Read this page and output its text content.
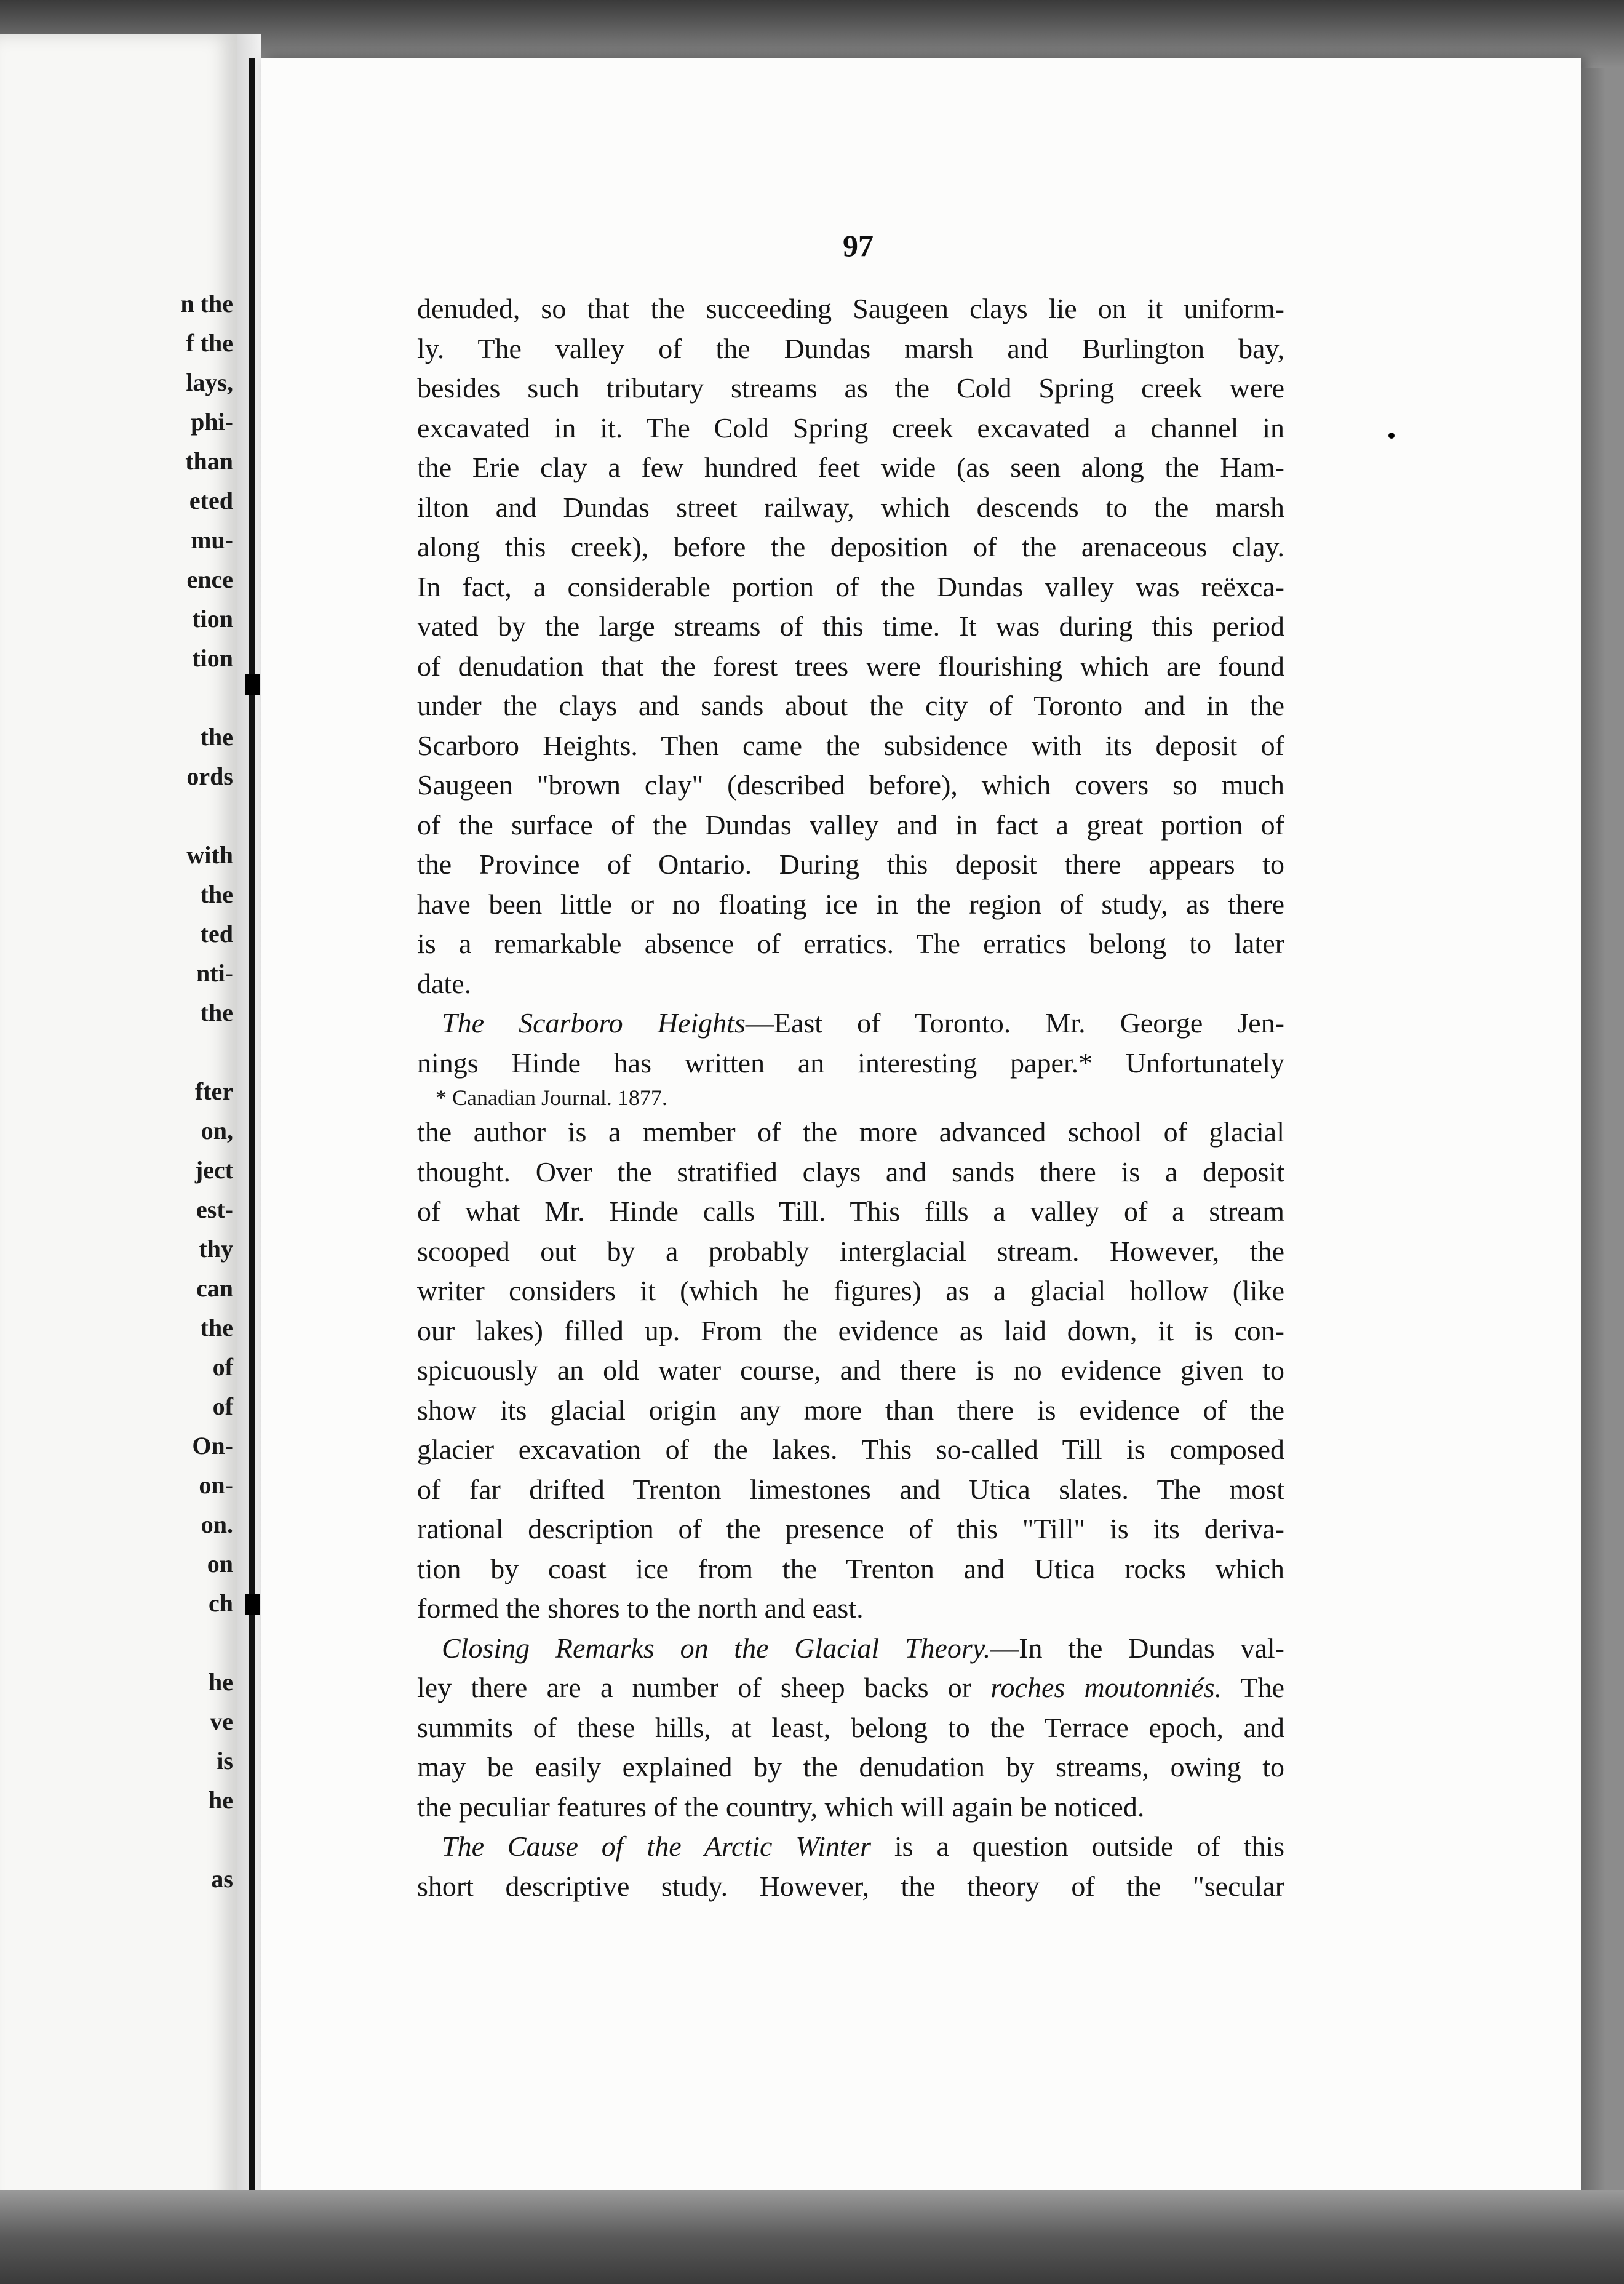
n the
f the
lays,
phi-
than
eted
mu-
ence
tion
tion
the
ords
with
the
ted
nti-
the
fter
on,
ject
est-
thy
can
the
of
of
On-
on-
on.
on
ch
he
ve
is
he
as
97
denuded, so that the succeeding Saugeen clays lie on it uniform-
ly. The valley of the Dundas marsh and Burlington bay,
besides such tributary streams as the Cold Spring creek were
excavated in it. The Cold Spring creek excavated a channel in
the Erie clay a few hundred feet wide (as seen along the Ham-
ilton and Dundas street railway, which descends to the marsh
along this creek), before the deposition of the arenaceous clay.
In fact, a considerable portion of the Dundas valley was reëxca-
vated by the large streams of this time. It was during this period
of denudation that the forest trees were flourishing which are found
under the clays and sands about the city of Toronto and in the
Scarboro Heights. Then came the subsidence with its deposit of
Saugeen "brown clay" (described before), which covers so much
of the surface of the Dundas valley and in fact a great portion of
the Province of Ontario. During this deposit there appears to
have been little or no floating ice in the region of study, as there
is a remarkable absence of erratics. The erratics belong to later
date.
The Scarboro Heights—East of Toronto. Mr. George Jen-
nings Hinde has written an interesting paper.* Unfortunately
* Canadian Journal. 1877.
the author is a member of the more advanced school of glacial
thought. Over the stratified clays and sands there is a deposit
of what Mr. Hinde calls Till. This fills a valley of a stream
scooped out by a probably interglacial stream. However, the
writer considers it (which he figures) as a glacial hollow (like
our lakes) filled up. From the evidence as laid down, it is con-
spicuously an old water course, and there is no evidence given to
show its glacial origin any more than there is evidence of the
glacier excavation of the lakes. This so-called Till is composed
of far drifted Trenton limestones and Utica slates. The most
rational description of the presence of this "Till" is its deriva-
tion by coast ice from the Trenton and Utica rocks which
formed the shores to the north and east.
Closing Remarks on the Glacial Theory.—In the Dundas val-
ley there are a number of sheep backs or roches moutonniés. The
summits of these hills, at least, belong to the Terrace epoch, and
may be easily explained by the denudation by streams, owing to
the peculiar features of the country, which will again be noticed.
The Cause of the Arctic Winter is a question outside of this
short descriptive study. However, the theory of the "secular
